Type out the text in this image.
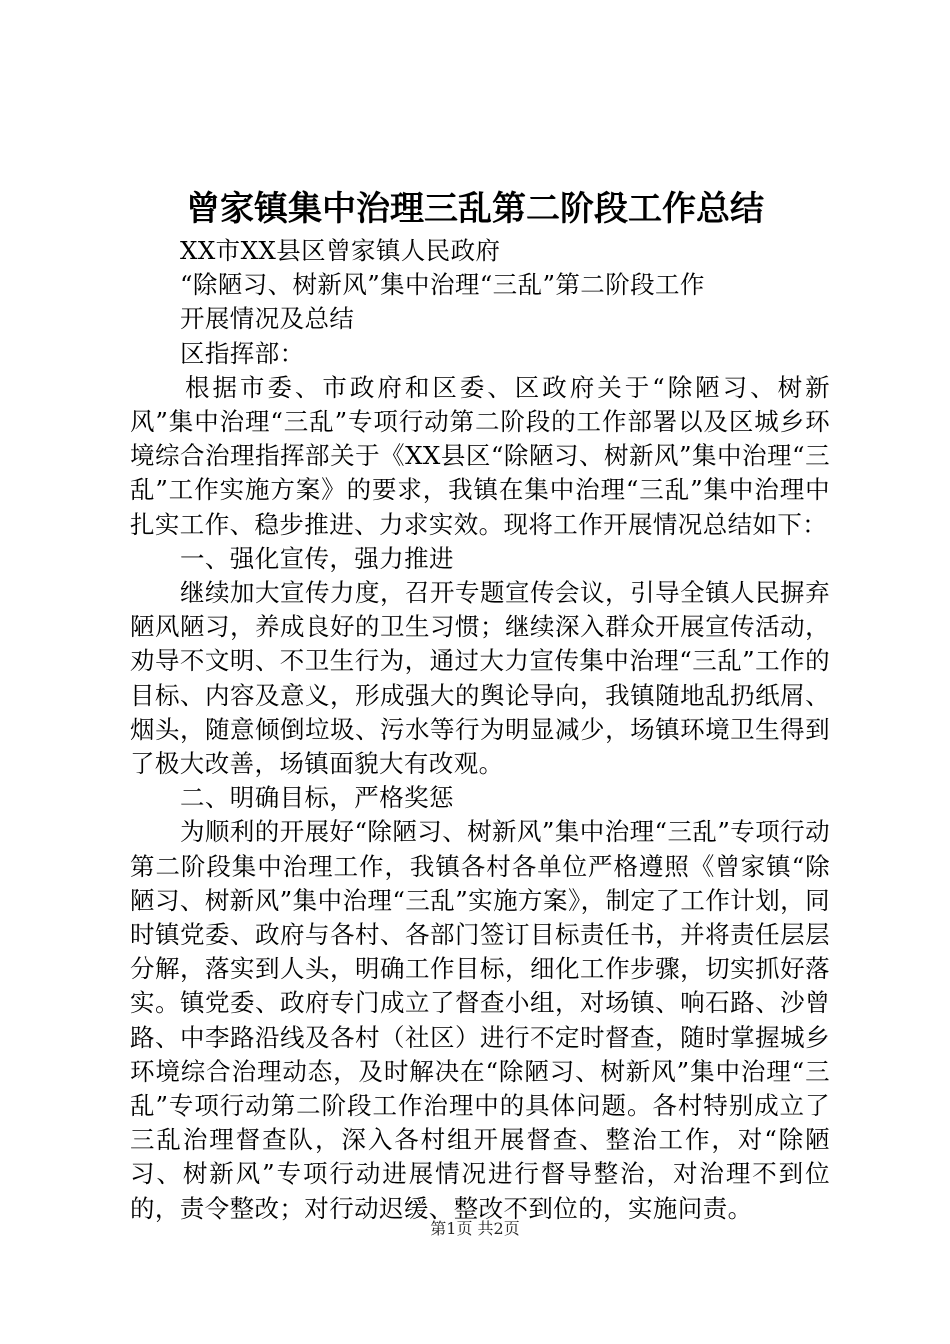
曾家镇集中治理三乱第二阶段工作总结

XX市XX县区曾家镇人民政府

“除陋习、树新风”集中治理“三乱”第二阶段工作

开展情况及总结

区指挥部：

根据市委、市政府和区委、区政府关于“除陋习、树新风”集中治理“三乱”专项行动第二阶段的工作部署以及区城乡环境综合治理指挥部关于《XX县区“除陋习、树新风”集中治理“三乱”工作实施方案》的要求，我镇在集中治理“三乱”集中治理中扎实工作、稳步推进、力求实效。现将工作开展情况总结如下：

一、强化宣传，强力推进

继续加大宣传力度，召开专题宣传会议，引导全镇人民摒弃陋风陋习，养成良好的卫生习惯；继续深入群众开展宣传活动，劝导不文明、不卫生行为，通过大力宣传集中治理“三乱”工作的目标、内容及意义，形成强大的舆论导向，我镇随地乱扔纸屑、烟头，随意倾倒垃圾、污水等行为明显减少，场镇环境卫生得到了极大改善，场镇面貌大有改观。

二、明确目标，严格奖惩

为顺利的开展好“除陋习、树新风”集中治理“三乱”专项行动第二阶段集中治理工作，我镇各村各单位严格遵照《曾家镇“除陋习、树新风”集中治理“三乱”实施方案》，制定了工作计划，同时镇党委、政府与各村、各部门签订目标责任书，并将责任层层分解，落实到人头，明确工作目标，细化工作步骤，切实抓好落实。镇党委、政府专门成立了督查小组，对场镇、响石路、沙曾路、中李路沿线及各村（社区）进行不定时督查，随时掌握城乡环境综合治理动态，及时解决在“除陋习、树新风”集中治理“三乱”专项行动第二阶段工作治理中的具体问题。各村特别成立了三乱治理督查队，深入各村组开展督查、整治工作，对“除陋习、树新风”专项行动进展情况进行督导整治，对治理不到位的，责令整改；对行动迟缓、整改不到位的，实施问责。

第1页 共2页
